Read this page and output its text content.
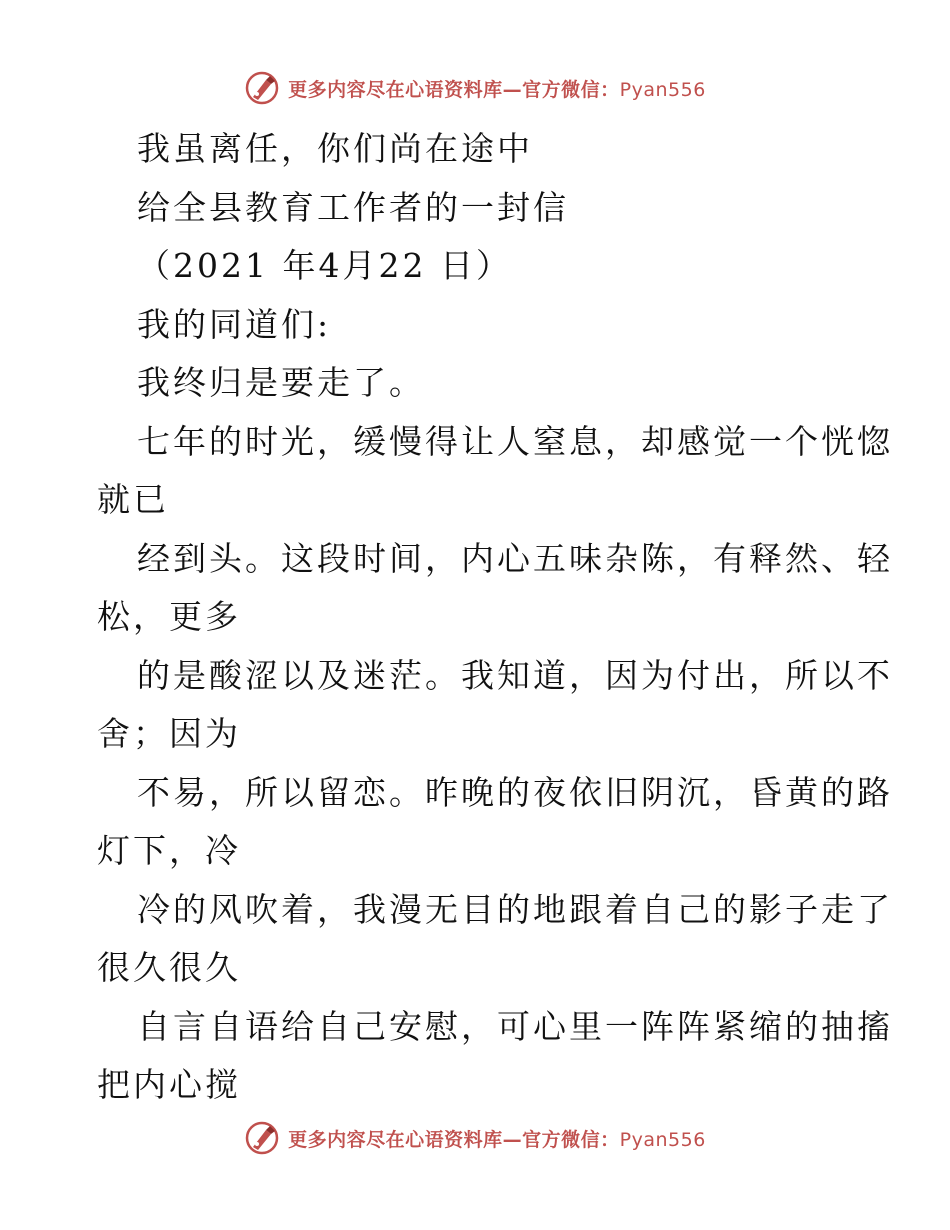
更多内容尽在心语资料库—官方微信：Pyan556
我虽离任，你们尚在途中
给全县教育工作者的一封信
（2021 年4月22 日）
我的同道们:
我终归是要走了。
七年的时光，缓慢得让人窒息，却感觉一个恍惚
就已
经到头。这段时间，内心五味杂陈，有释然、轻
松，更多
的是酸涩以及迷茫。我知道，因为付出，所以不
舍；因为
不易，所以留恋。昨晚的夜依旧阴沉，昏黄的路
灯下，冷
冷的风吹着，我漫无目的地跟着自己的影子走了
很久很久
自言自语给自己安慰，可心里一阵阵紧缩的抽搐
把内心搅
更多内容尽在心语资料库—官方微信：Pyan556
